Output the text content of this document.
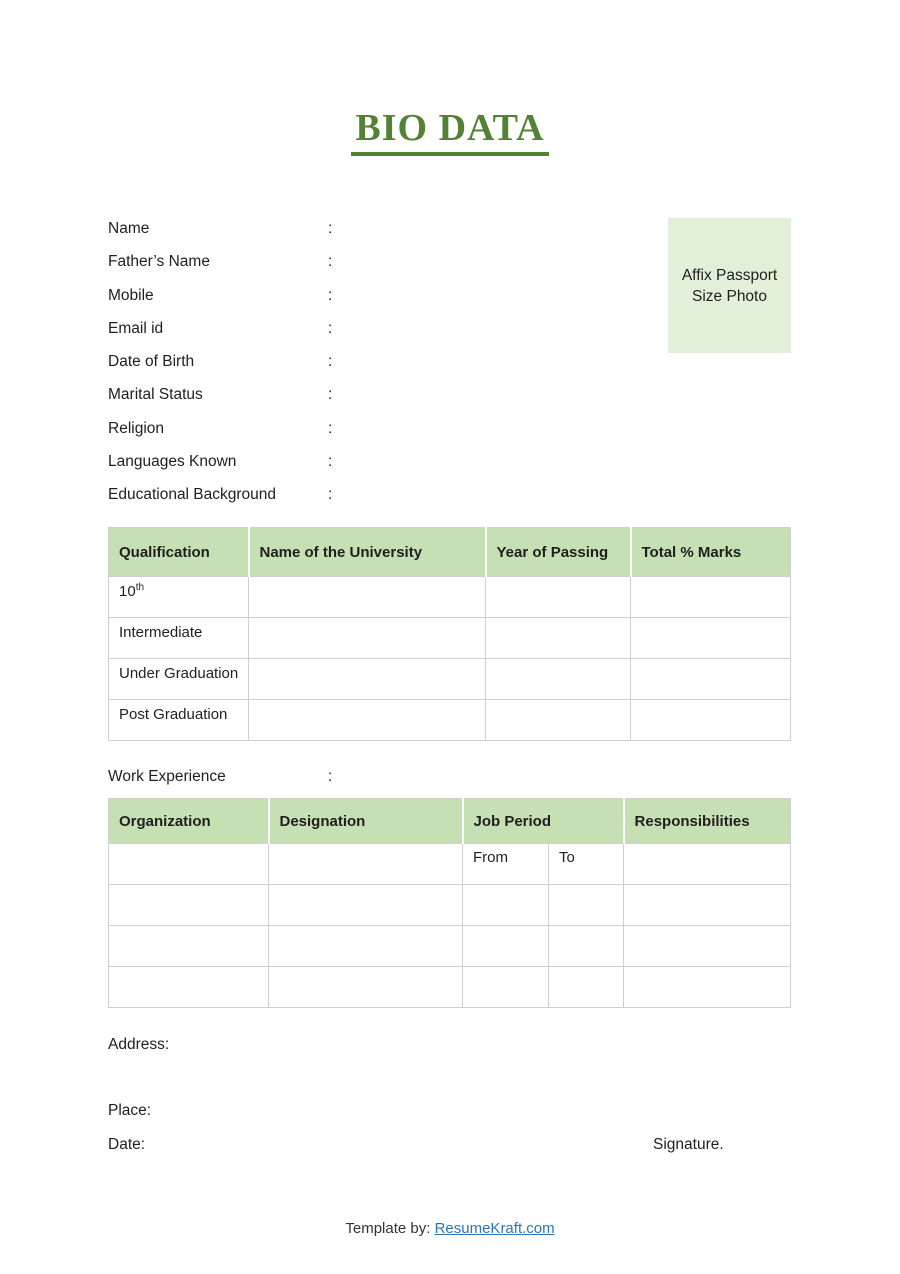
BIO DATA
Name	:
Father’s Name	:
Mobile	:
Email id	:
Date of Birth	:
Marital Status	:
Religion	:
Languages Known	:
Educational Background	:
Affix Passport
Size Photo
Qualification	Name of the University	Year of Passing	Total % Marks
10th			
Intermediate			
Under Graduation			
Post Graduation			
Work Experience	:
Organization	Designation	Job Period		Responsibilities
		From	To	

Address:
Place:
Date:	Signature.
Template by: ResumeKraft.com
